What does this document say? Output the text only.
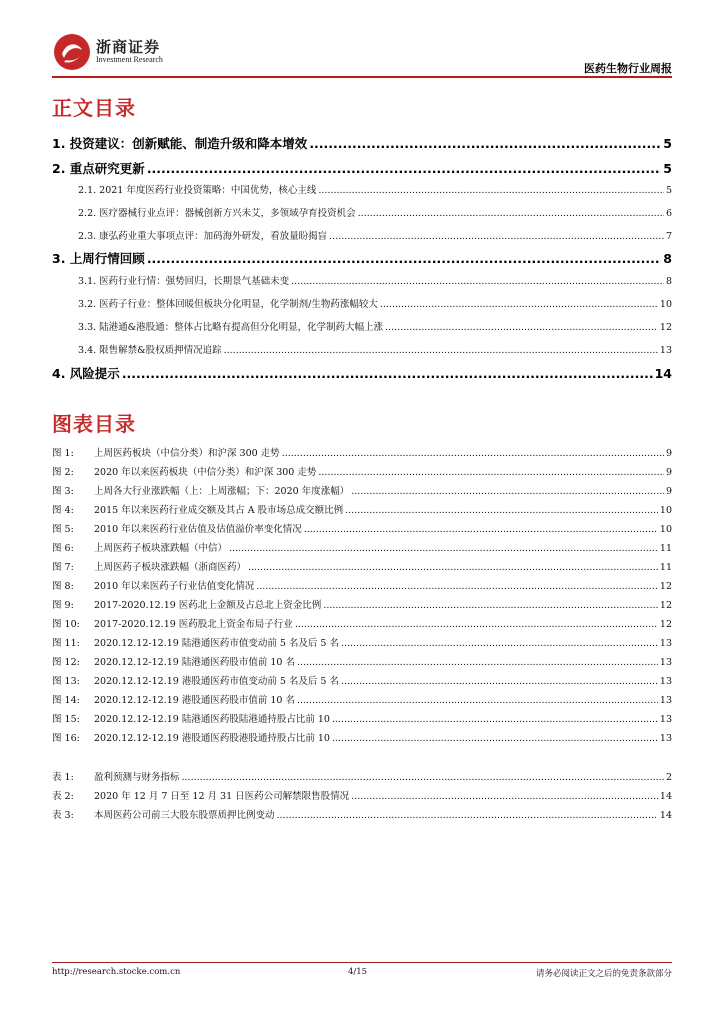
浙商证券
Investment Research
医药生物行业周报
正文目录
1. 投资建议：创新赋能、制造升级和降本增效 .....	5
2. 重点研究更新 .....	5
2.1. 2021 年度医药行业投资策略：中国优势，核心主线 .....	5
2.2. 医疗器械行业点评：器械创新方兴未艾，多领域孕育投资机会 .....	6
2.3. 康弘药业重大事项点评：加码海外研发，看放量盼揭盲 .....	7
3. 上周行情回顾 .....	8
3.1. 医药行业行情：强势回归，长期景气基础未变 .....	8
3.2. 医药子行业：整体回暖但板块分化明显，化学制剂/生物药涨幅较大 .....	10
3.3. 陆港通&港股通：整体占比略有提高但分化明显，化学制药大幅上涨 .....	12
3.4. 限售解禁&股权质押情况追踪 .....	13
4. 风险提示 .....	14
图表目录
图 1:	上周医药板块（中信分类）和沪深 300 走势 .....	9
图 2:	2020 年以来医药板块（中信分类）和沪深 300 走势 .....	9
图 3:	上周各大行业涨跌幅（上：上周涨幅；下：2020 年度涨幅） .....	9
图 4:	2015 年以来医药行业成交额及其占 A 股市场总成交额比例 .....	10
图 5:	2010 年以来医药行业估值及估值溢价率变化情况 .....	10
图 6:	上周医药子板块涨跌幅（中信） .....	11
图 7:	上周医药子板块涨跌幅（浙商医药） .....	11
图 8:	2010 年以来医药子行业估值变化情况 .....	12
图 9:	2017-2020.12.19 医药北上金额及占总北上资金比例 .....	12
图 10:	2017-2020.12.19 医药股北上资金布局子行业 .....	12
图 11:	2020.12.12-12.19 陆港通医药市值变动前 5 名及后 5 名 .....	13
图 12:	2020.12.12-12.19 陆港通医药股市值前 10 名 .....	13
图 13:	2020.12.12-12.19 港股通医药市值变动前 5 名及后 5 名 .....	13
图 14:	2020.12.12-12.19 港股通医药股市值前 10 名 .....	13
图 15:	2020.12.12-12.19 陆港通医药股陆港通持股占比前 10 .....	13
图 16:	2020.12.12-12.19 港股通医药股港股通持股占比前 10 .....	13
表 1:	盈利预测与财务指标 .....	2
表 2:	2020 年 12 月 7 日至 12 月 31 日医药公司解禁限售股情况 .....	14
表 3:	本周医药公司前三大股东股票质押比例变动 .....	14
http://research.stocke.com.cn	4/15	请务必阅读正文之后的免责条款部分
